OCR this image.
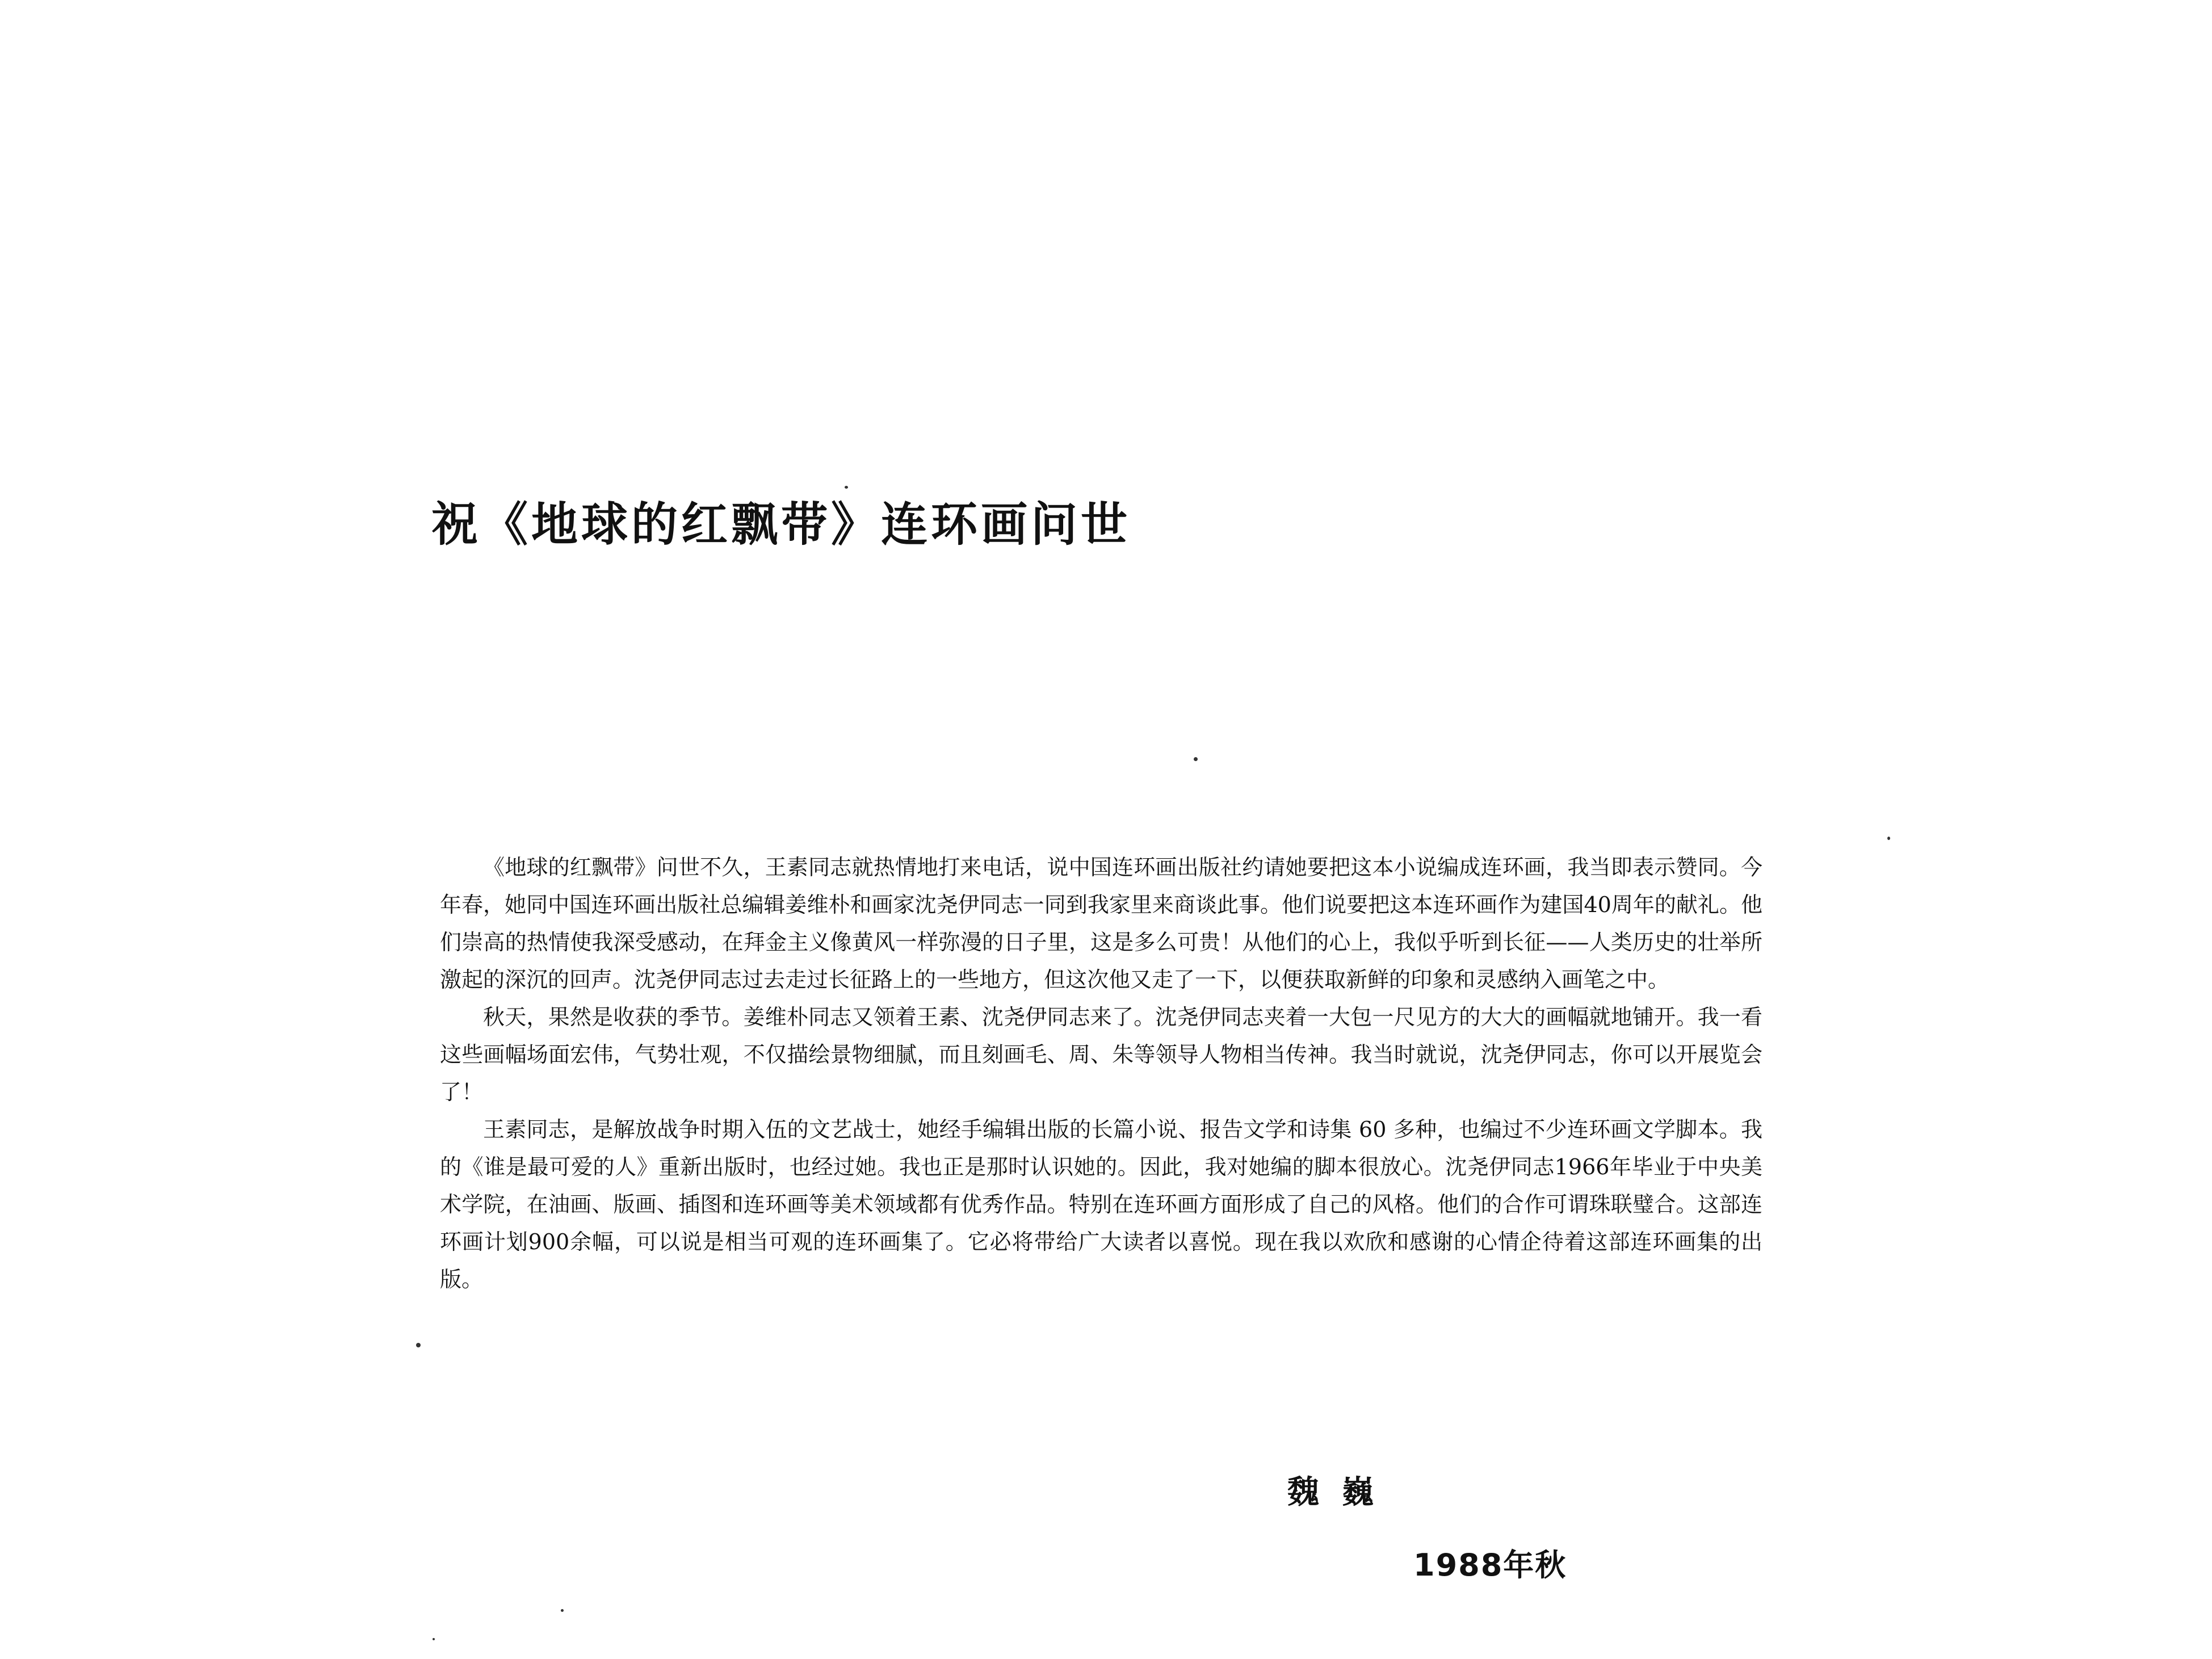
祝《地球的红飘带》连环画问世

《地球的红飘带》问世不久，王素同志就热情地打来电话，说中国连环画出版社约请她要把这本小说编成连环画，我当即表示赞同。今年春，她同中国连环画出版社总编辑姜维朴和画家沈尧伊同志一同到我家里来商谈此事。他们说要把这本连环画作为建国40周年的献礼。他们崇高的热情使我深受感动，在拜金主义像黄风一样弥漫的日子里，这是多么可贵！从他们的心上，我似乎听到长征——人类历史的壮举所激起的深沉的回声。沈尧伊同志过去走过长征路上的一些地方，但这次他又走了一下，以便获取新鲜的印象和灵感纳入画笔之中。

秋天，果然是收获的季节。姜维朴同志又领着王素、沈尧伊同志来了。沈尧伊同志夹着一大包一尺见方的大大的画幅就地铺开。我一看这些画幅场面宏伟，气势壮观，不仅描绘景物细腻，而且刻画毛、周、朱等领导人物相当传神。我当时就说，沈尧伊同志，你可以开展览会了！

王素同志，是解放战争时期入伍的文艺战士，她经手编辑出版的长篇小说、报告文学和诗集 60 多种，也编过不少连环画文学脚本。我的《谁是最可爱的人》重新出版时，也经过她。我也正是那时认识她的。因此，我对她编的脚本很放心。沈尧伊同志1966年毕业于中央美术学院，在油画、版画、插图和连环画等美术领域都有优秀作品。特别在连环画方面形成了自己的风格。他们的合作可谓珠联璧合。这部连环画计划900余幅，可以说是相当可观的连环画集了。它必将带给广大读者以喜悦。现在我以欢欣和感谢的心情企待着这部连环画集的出版。

魏巍
1988年秋
